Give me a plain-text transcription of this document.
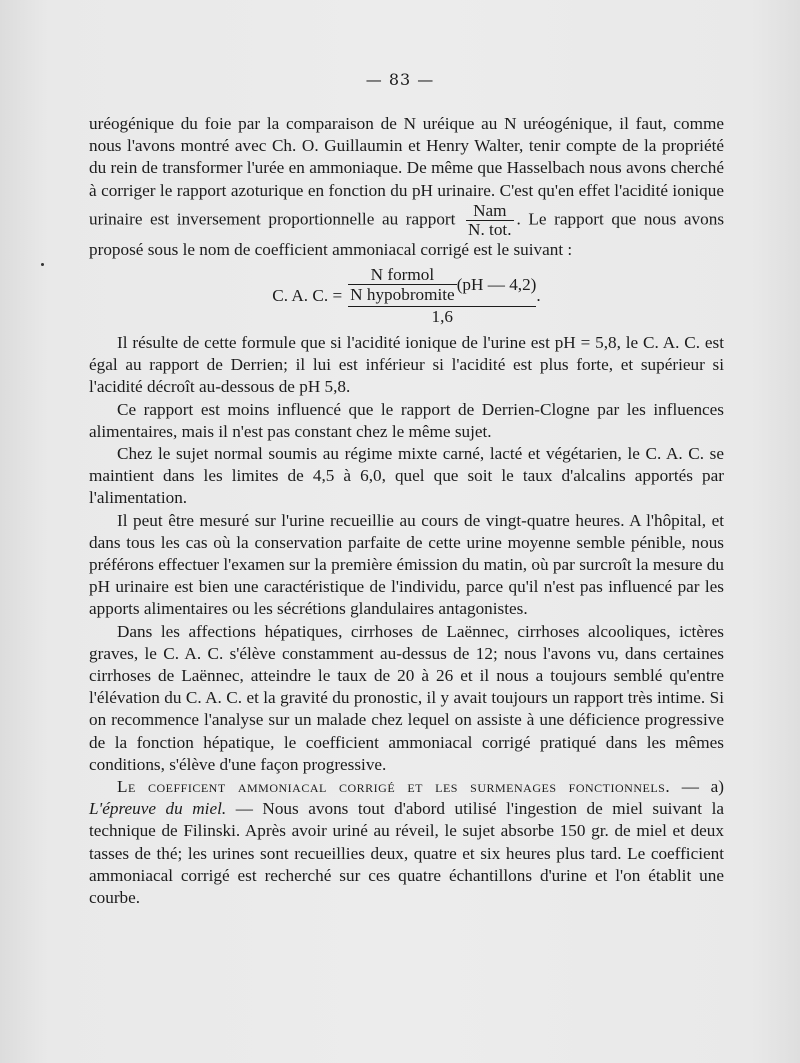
— 83 —

uréogénique du foie par la comparaison de N uréique au N uréogénique, il faut, comme nous l'avons montré avec Ch. O. Guillaumin et Henry Walter, tenir compte de la propriété du rein de transformer l'urée en ammoniaque. De même que Hasselbach nous avons cherché à corriger le rapport azoturique en fonction du pH urinaire. C'est qu'en effet l'acidité ionique urinaire est inversement proportionnelle au rapport $\frac{\text{Nam}}{\text{N. tot.}}$ . Le rapport que nous avons proposé sous le nom de coefficient ammoniacal corrigé est le suivant :

C. A. C. =
N formol
N hypobromite
(pH — 4,2)
1,6
.

Il résulte de cette formule que si l'acidité ionique de l'urine est pH = 5,8, le C. A. C. est égal au rapport de Derrien; il lui est inférieur si l'acidité est plus forte, et supérieur si l'acidité décroît au-dessous de pH 5,8.

Ce rapport est moins influencé que le rapport de Derrien-Clogne par les influences alimentaires, mais il n'est pas constant chez le même sujet.

Chez le sujet normal soumis au régime mixte carné, lacté et végétarien, le C. A. C. se maintient dans les limites de 4,5 à 6,0, quel que soit le taux d'alcalins apportés par l'alimentation.

Il peut être mesuré sur l'urine recueillie au cours de vingt-quatre heures. A l'hôpital, et dans tous les cas où la conservation parfaite de cette urine moyenne semble pénible, nous préférons effectuer l'examen sur la première émission du matin, où par surcroît la mesure du pH urinaire est bien une caractéristique de l'individu, parce qu'il n'est pas influencé par les apports alimentaires ou les sécrétions glandulaires antagonistes.

Dans les affections hépatiques, cirrhoses de Laënnec, cirrhoses alcooliques, ictères graves, le C. A. C. s'élève constamment au-dessus de 12; nous l'avons vu, dans certaines cirrhoses de Laënnec, atteindre le taux de 20 à 26 et il nous a toujours semblé qu'entre l'élévation du C. A. C. et la gravité du pronostic, il y avait toujours un rapport très intime. Si on recommence l'analyse sur un malade chez lequel on assiste à une déficience progressive de la fonction hépatique, le coefficient ammoniacal corrigé pratiqué dans les mêmes conditions, s'élève d'une façon progressive.

Le coefficent ammoniacal corrigé et les surmenages fonctionnels. — a) L'épreuve du miel. — Nous avons tout d'abord utilisé l'ingestion de miel suivant la technique de Filinski. Après avoir uriné au réveil, le sujet absorbe 150 gr. de miel et deux tasses de thé; les urines sont recueillies deux, quatre et six heures plus tard. Le coefficient ammoniacal corrigé est recherché sur ces quatre échantillons d'urine et l'on établit une courbe.
